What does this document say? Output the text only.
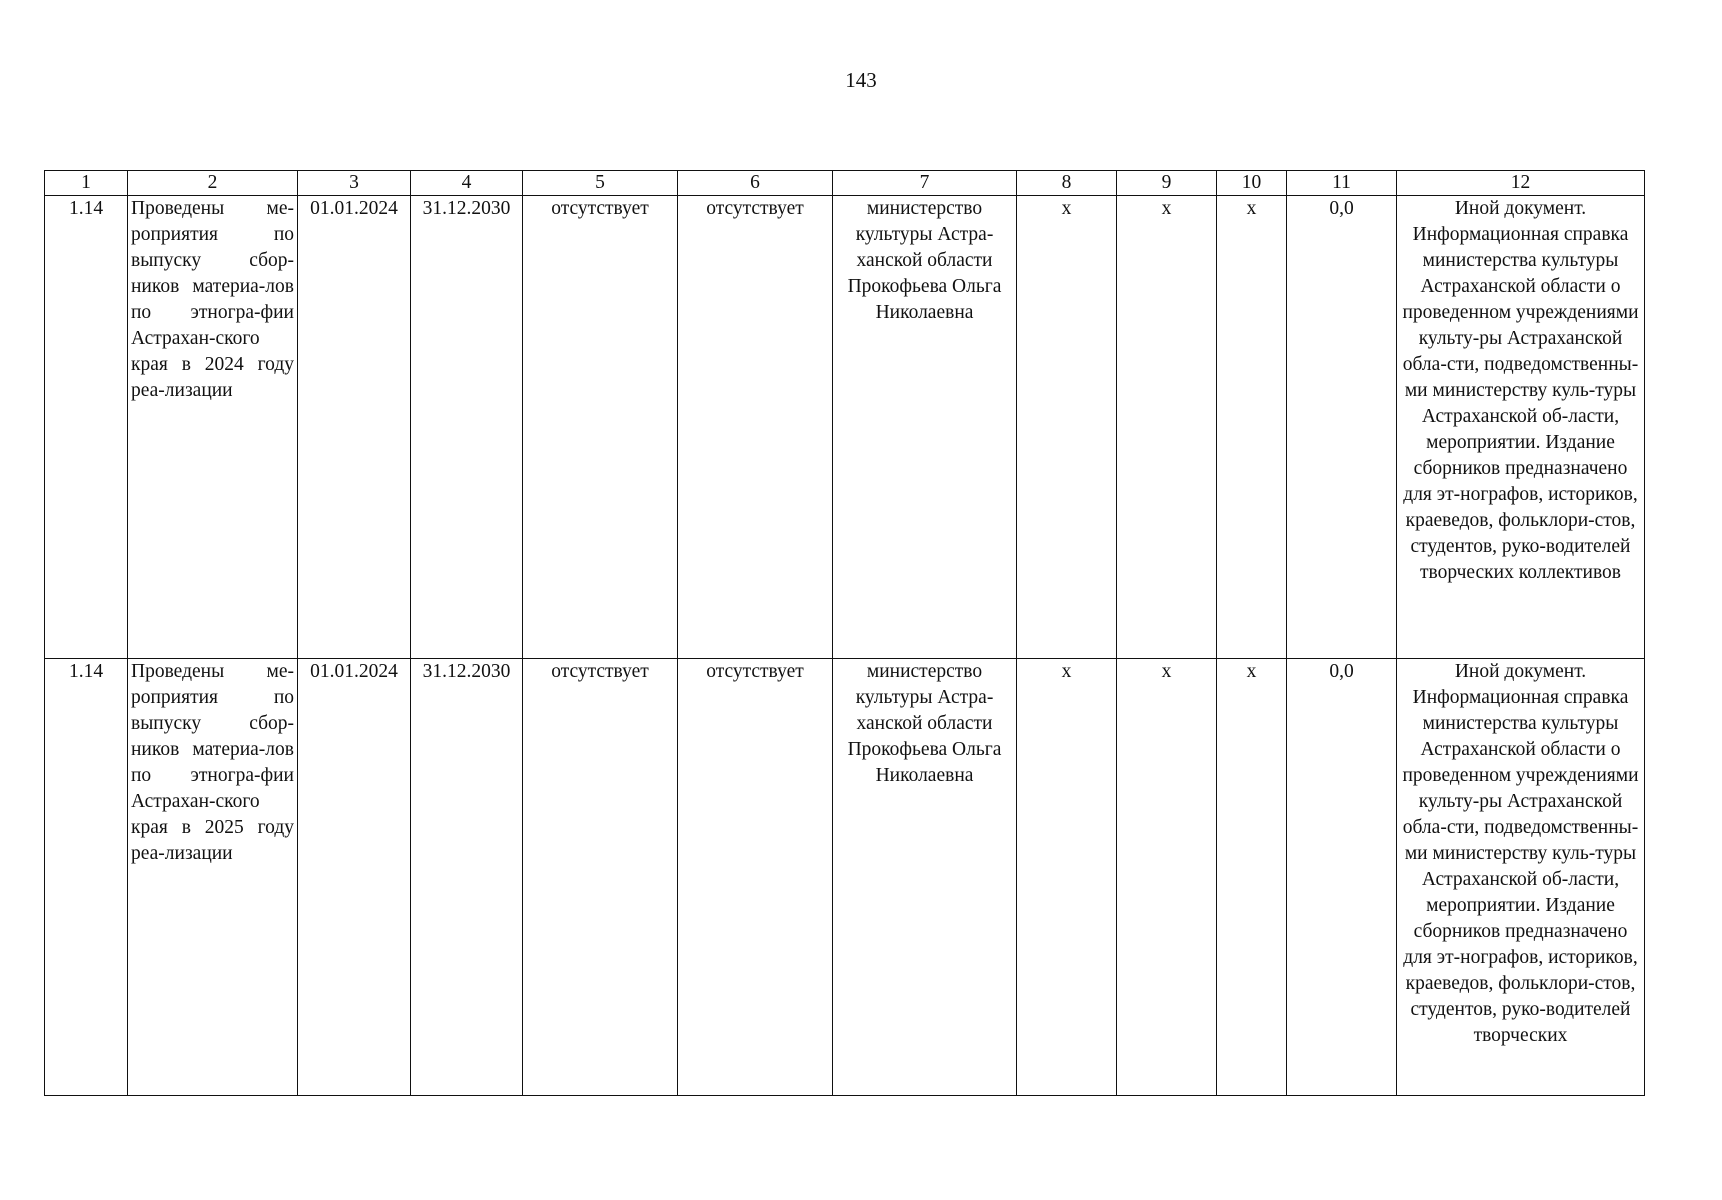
143
1	2	3	4	5	6	7	8	9	10	11	12
1.14	Проведены ме-роприятия по выпуску сбор-ников материа-лов по этногра-фии Астрахан-ского края в 2024 году реа-лизации	01.01.2024	31.12.2030	отсутствует	отсутствует	министерство культуры Астра-ханской области Прокофьева Ольга Николаевна	x	x	x	0,0	Иной документ. Информационная справка министерства культуры Астраханской области о проведенном учреждениями культу-ры Астраханской обла-сти, подведомственны-ми министерству куль-туры Астраханской об-ласти, мероприятии. Издание сборников предназначено для эт-нографов, историков, краеведов, фольклори-стов, студентов, руко-водителей творческих коллективов
1.14	Проведены ме-роприятия по выпуску сбор-ников материа-лов по этногра-фии Астрахан-ского края в 2025 году реа-лизации	01.01.2024	31.12.2030	отсутствует	отсутствует	министерство культуры Астра-ханской области Прокофьева Ольга Николаевна	x	x	x	0,0	Иной документ. Информационная справка министерства культуры Астраханской области о проведенном учреждениями культу-ры Астраханской обла-сти, подведомственны-ми министерству куль-туры Астраханской об-ласти, мероприятии. Издание сборников предназначено для эт-нографов, историков, краеведов, фольклори-стов, студентов, руко-водителей творческих
